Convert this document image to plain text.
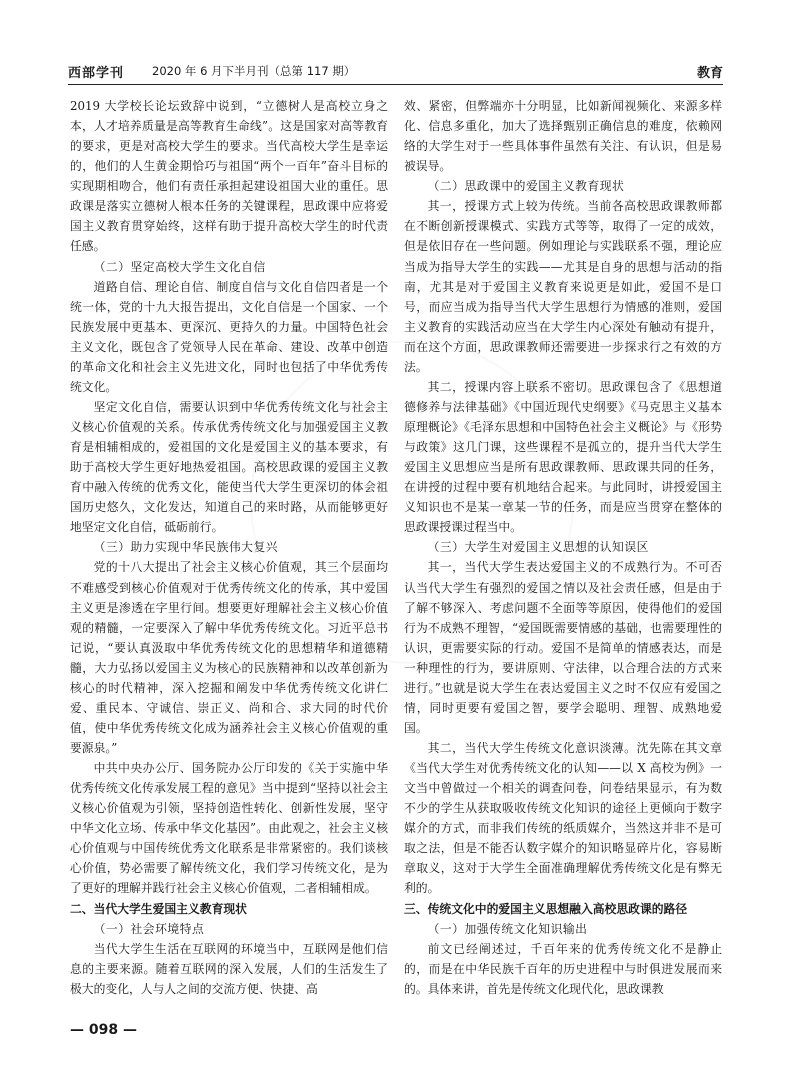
西部学刊 2020 年 6 月下半月刊（总第 117 期）	教育

2019 大学校长论坛致辞中说到，“立德树人是高校立身之本，人才培养质量是高等教育生命线”。这是国家对高等教育的要求，更是对高校大学生的要求。当代高校大学生是幸运的，他们的人生黄金期恰巧与祖国“两个一百年”奋斗目标的实现期相吻合，他们有责任承担起建设祖国大业的重任。思政课是落实立德树人根本任务的关键课程，思政课中应将爱国主义教育贯穿始终，这样有助于提升高校大学生的时代责任感。

（二）坚定高校大学生文化自信

道路自信、理论自信、制度自信与文化自信四者是一个统一体，党的十九大报告提出，文化自信是一个国家、一个民族发展中更基本、更深沉、更持久的力量。中国特色社会主义文化，既包含了党领导人民在革命、建设、改革中创造的革命文化和社会主义先进文化，同时也包括了中华优秀传统文化。

坚定文化自信，需要认识到中华优秀传统文化与社会主义核心价值观的关系。传承优秀传统文化与加强爱国主义教育是相辅相成的，爱祖国的文化是爱国主义的基本要求，有助于高校大学生更好地热爱祖国。高校思政课的爱国主义教育中融入传统的优秀文化，能使当代大学生更深切的体会祖国历史悠久，文化发达，知道自己的来时路，从而能够更好地坚定文化自信，砥砺前行。

（三）助力实现中华民族伟大复兴

党的十八大提出了社会主义核心价值观，其三个层面均不难感受到核心价值观对于优秀传统文化的传承，其中爱国主义更是渗透在字里行间。想要更好理解社会主义核心价值观的精髓，一定要深入了解中华优秀传统文化。习近平总书记说，“要认真汲取中华优秀传统文化的思想精华和道德精髓，大力弘扬以爱国主义为核心的民族精神和以改革创新为核心的时代精神，深入挖掘和阐发中华优秀传统文化讲仁爱、重民本、守诚信、崇正义、尚和合、求大同的时代价值，使中华优秀传统文化成为涵养社会主义核心价值观的重要源泉。”

中共中央办公厅、国务院办公厅印发的《关于实施中华优秀传统文化传承发展工程的意见》当中提到“坚持以社会主义核心价值观为引领，坚持创造性转化、创新性发展，坚守中华文化立场、传承中华文化基因”。由此观之，社会主义核心价值观与中国传统优秀文化联系是非常紧密的。我们谈核心价值，势必需要了解传统文化，我们学习传统文化，是为了更好的理解并践行社会主义核心价值观，二者相辅相成。

二、当代大学生爱国主义教育现状

（一）社会环境特点

当代大学生生活在互联网的环境当中，互联网是他们信息的主要来源。随着互联网的深入发展，人们的生活发生了极大的变化，人与人之间的交流方便、快捷、高

效、紧密，但弊端亦十分明显，比如新闻视频化、来源多样化、信息多重化，加大了选择甄别正确信息的难度，依赖网络的大学生对于一些具体事件虽然有关注、有认识，但是易被误导。

（二）思政课中的爱国主义教育现状

其一，授课方式上较为传统。当前各高校思政课教师都在不断创新授课模式、实践方式等等，取得了一定的成效，但是依旧存在一些问题。例如理论与实践联系不强，理论应当成为指导大学生的实践——尤其是自身的思想与活动的指南，尤其是对于爱国主义教育来说更是如此，爱国不是口号，而应当成为指导当代大学生思想行为情感的准则，爱国主义教育的实践活动应当在大学生内心深处有触动有提升，而在这个方面，思政课教师还需要进一步探求行之有效的方法。

其二，授课内容上联系不密切。思政课包含了《思想道德修养与法律基础》《中国近现代史纲要》《马克思主义基本原理概论》《毛泽东思想和中国特色社会主义概论》与《形势与政策》这几门课，这些课程不是孤立的，提升当代大学生爱国主义思想应当是所有思政课教师、思政课共同的任务，在讲授的过程中要有机地结合起来。与此同时，讲授爱国主义知识也不是某一章某一节的任务，而是应当贯穿在整体的思政课授课过程当中。

（三）大学生对爱国主义思想的认知误区

其一，当代大学生表达爱国主义的不成熟行为。不可否认当代大学生有强烈的爱国之情以及社会责任感，但是由于了解不够深入、考虑问题不全面等等原因，使得他们的爱国行为不成熟不理智，“爱国既需要情感的基础，也需要理性的认识，更需要实际的行动。爱国不是简单的情感表达，而是一种理性的行为，要讲原则、守法律，以合理合法的方式来进行。”也就是说大学生在表达爱国主义之时不仅应有爱国之情，同时更要有爱国之智，要学会聪明、理智、成熟地爱国。

其二，当代大学生传统文化意识淡薄。沈先陈在其文章《当代大学生对优秀传统文化的认知——以 X 高校为例》一文当中曾做过一个相关的调查问卷，问卷结果显示，有为数不少的学生从获取吸收传统文化知识的途径上更倾向于数字媒介的方式，而非我们传统的纸质媒介，当然这并非不是可取之法，但是不能否认数字媒介的知识略显碎片化，容易断章取义，这对于大学生全面准确理解优秀传统文化是有弊无利的。

三、传统文化中的爱国主义思想融入高校思政课的路径

（一）加强传统文化知识输出

前文已经阐述过，千百年来的优秀传统文化不是静止的，而是在中华民族千百年的历史进程中与时俱进发展而来的。具体来讲，首先是传统文化现代化，思政课教

— 098 —
